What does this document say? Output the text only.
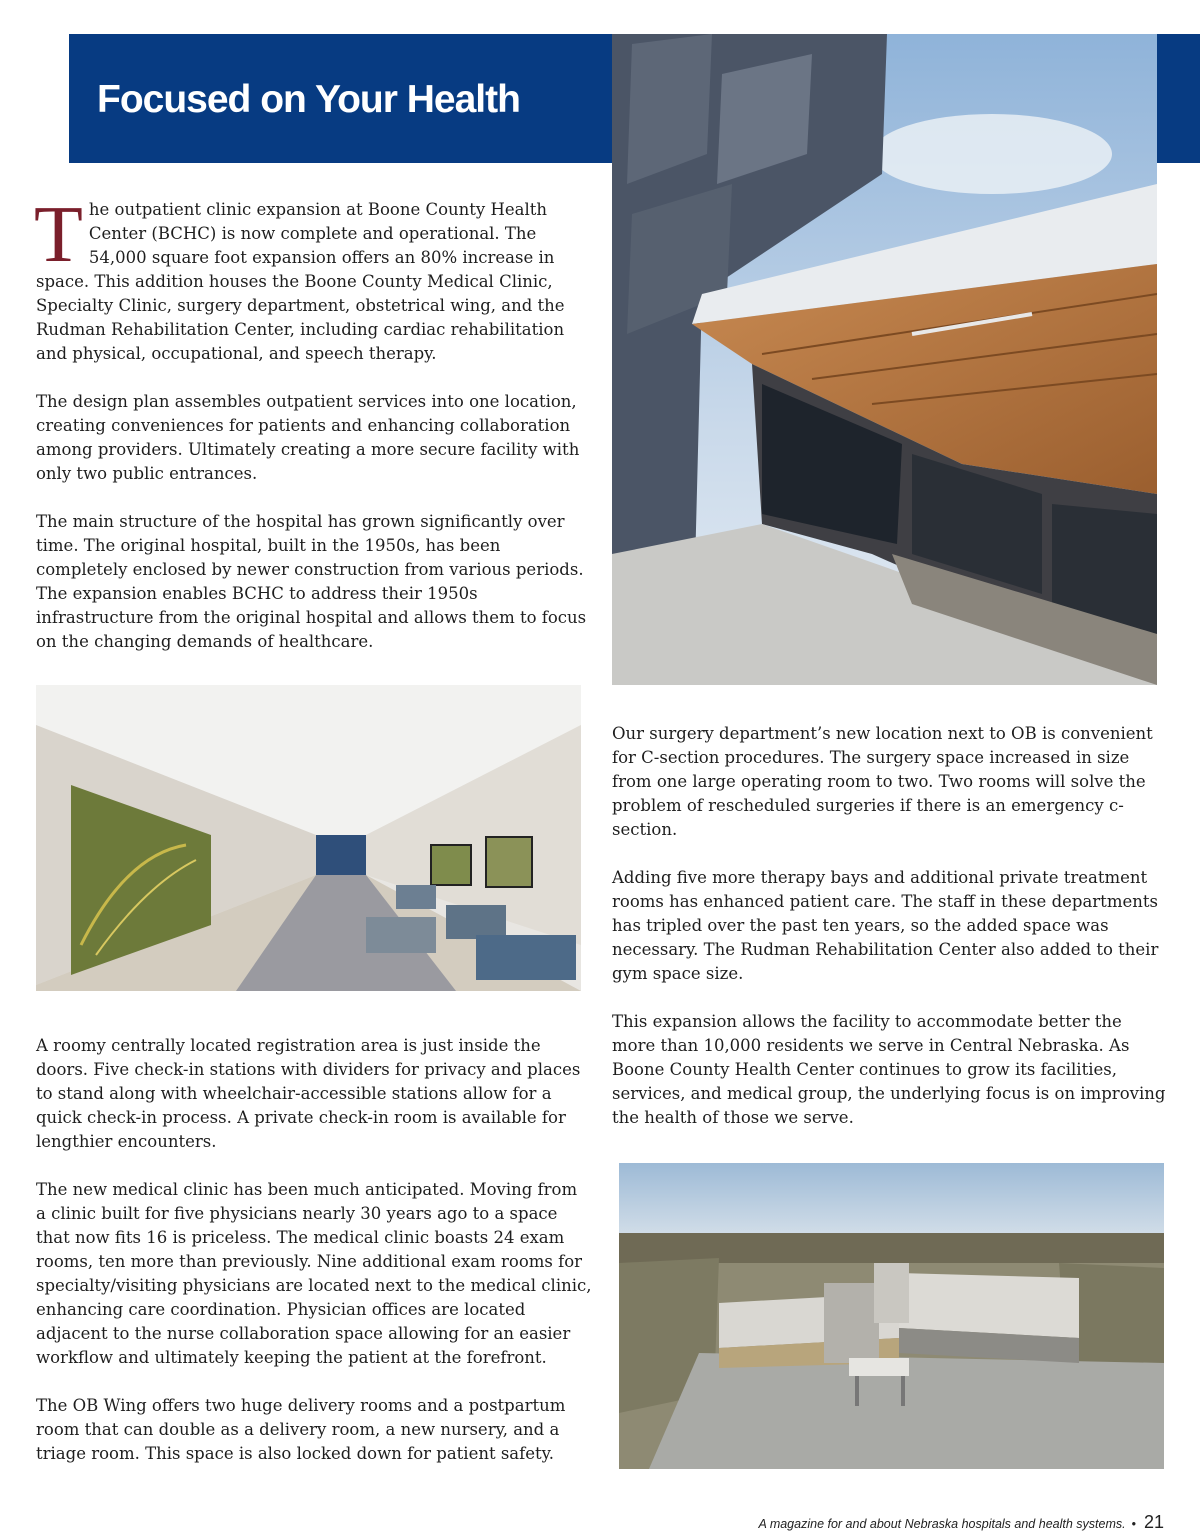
Focused on Your Health

The outpatient clinic expansion at Boone County Health Center (BCHC) is now complete and operational. The 54,000 square foot expansion offers an 80% increase in space. This addition houses the Boone County Medical Clinic, Specialty Clinic, surgery department, obstetrical wing, and the Rudman Rehabilitation Center, including cardiac rehabilitation and physical, occupational, and speech therapy.

The design plan assembles outpatient services into one location, creating conveniences for patients and enhancing collaboration among providers. Ultimately creating a more secure facility with only two public entrances.

The main structure of the hospital has grown significantly over time. The original hospital, built in the 1950s, has been completely enclosed by newer construction from various periods. The expansion enables BCHC to address their 1950s infrastructure from the original hospital and allows them to focus on the changing demands of healthcare.

A roomy centrally located registration area is just inside the doors. Five check-in stations with dividers for privacy and places to stand along with wheelchair-accessible stations allow for a quick check-in process. A private check-in room is available for lengthier encounters.

The new medical clinic has been much anticipated. Moving from a clinic built for five physicians nearly 30 years ago to a space that now fits 16 is priceless. The medical clinic boasts 24 exam rooms, ten more than previously. Nine additional exam rooms for specialty/visiting physicians are located next to the medical clinic, enhancing care coordination. Physician offices are located adjacent to the nurse collaboration space allowing for an easier workflow and ultimately keeping the patient at the forefront.

The OB Wing offers two huge delivery rooms and a postpartum room that can double as a delivery room, a new nursery, and a triage room. This space is also locked down for patient safety.

Our surgery department’s new location next to OB is convenient for C-section procedures. The surgery space increased in size from one large operating room to two. Two rooms will solve the problem of rescheduled surgeries if there is an emergency c-section.

Adding five more therapy bays and additional private treatment rooms has enhanced patient care. The staff in these departments has tripled over the past ten years, so the added space was necessary. The Rudman Rehabilitation Center also added to their gym space size.

This expansion allows the facility to accommodate better the more than 10,000 residents we serve in Central Nebraska. As Boone County Health Center continues to grow its facilities, services, and medical group, the underlying focus is on improving the health of those we serve.

A magazine for and about Nebraska hospitals and health systems. • 21
